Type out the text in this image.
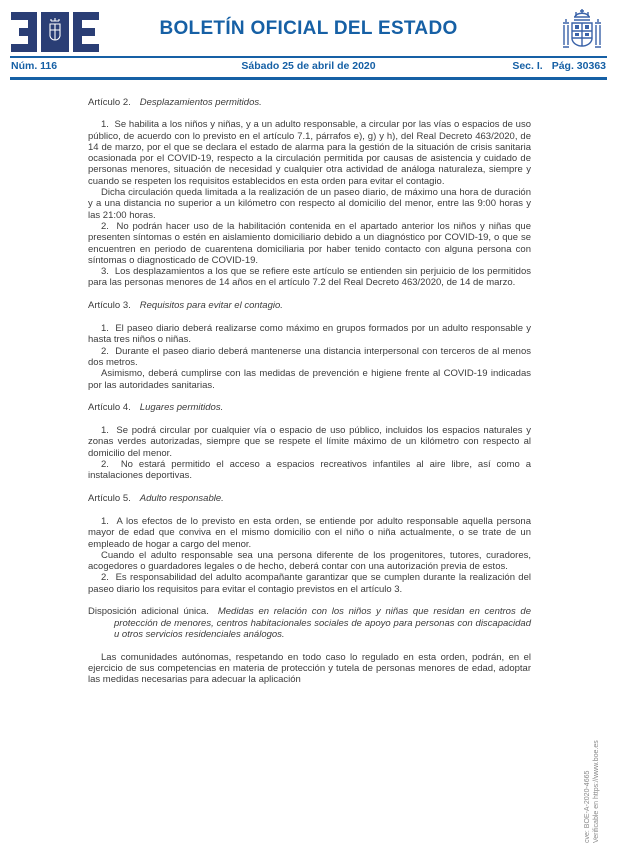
BOLETÍN OFICIAL DEL ESTADO
Núm. 116	Sábado 25 de abril de 2020	Sec. I. Pág. 30363

Artículo 2. Desplazamientos permitidos.

1.  Se habilita a los niños y niñas, y a un adulto responsable, a circular por las vías o espacios de uso público, de acuerdo con lo previsto en el artículo 7.1, párrafos e), g) y h), del Real Decreto 463/2020, de 14 de marzo, por el que se declara el estado de alarma para la gestión de la situación de crisis sanitaria ocasionada por el COVID-19, respecto a la circulación permitida por causas de asistencia y cuidado de personas menores, situación de necesidad y cualquier otra actividad de análoga naturaleza, siempre y cuando se respeten los requisitos establecidos en esta orden para evitar el contagio.

Dicha circulación queda limitada a la realización de un paseo diario, de máximo una hora de duración y a una distancia no superior a un kilómetro con respecto al domicilio del menor, entre las 9:00 horas y las 21:00 horas.

2.  No podrán hacer uso de la habilitación contenida en el apartado anterior los niños y niñas que presenten síntomas o estén en aislamiento domiciliario debido a un diagnóstico por COVID-19, o que se encuentren en periodo de cuarentena domiciliaria por haber tenido contacto con alguna persona con síntomas o diagnosticado de COVID-19.

3.  Los desplazamientos a los que se refiere este artículo se entienden sin perjuicio de los permitidos para las personas menores de 14 años en el artículo 7.2 del Real Decreto 463/2020, de 14 de marzo.

Artículo 3. Requisitos para evitar el contagio.

1.  El paseo diario deberá realizarse como máximo en grupos formados por un adulto responsable y hasta tres niños o niñas.

2.  Durante el paseo diario deberá mantenerse una distancia interpersonal con terceros de al menos dos metros.

Asimismo, deberá cumplirse con las medidas de prevención e higiene frente al COVID-19 indicadas por las autoridades sanitarias.

Artículo 4. Lugares permitidos.

1.  Se podrá circular por cualquier vía o espacio de uso público, incluidos los espacios naturales y zonas verdes autorizadas, siempre que se respete el límite máximo de un kilómetro con respecto al domicilio del menor.

2.  No estará permitido el acceso a espacios recreativos infantiles al aire libre, así como a instalaciones deportivas.

Artículo 5. Adulto responsable.

1.  A los efectos de lo previsto en esta orden, se entiende por adulto responsable aquella persona mayor de edad que conviva en el mismo domicilio con el niño o niña actualmente, o se trate de un empleado de hogar a cargo del menor.

Cuando el adulto responsable sea una persona diferente de los progenitores, tutores, curadores, acogedores o guardadores legales o de hecho, deberá contar con una autorización previa de estos.

2.  Es responsabilidad del adulto acompañante garantizar que se cumplen durante la realización del paseo diario los requisitos para evitar el contagio previstos en el artículo 3.

Disposición adicional única. Medidas en relación con los niños y niñas que residan en centros de protección de menores, centros habitacionales sociales de apoyo para personas con discapacidad u otros servicios residenciales análogos.

Las comunidades autónomas, respetando en todo caso lo regulado en esta orden, podrán, en el ejercicio de sus competencias en materia de protección y tutela de personas menores de edad, adoptar las medidas necesarias para adecuar la aplicación

cve: BOE-A-2020-4665 Verificable en https://www.boe.es
